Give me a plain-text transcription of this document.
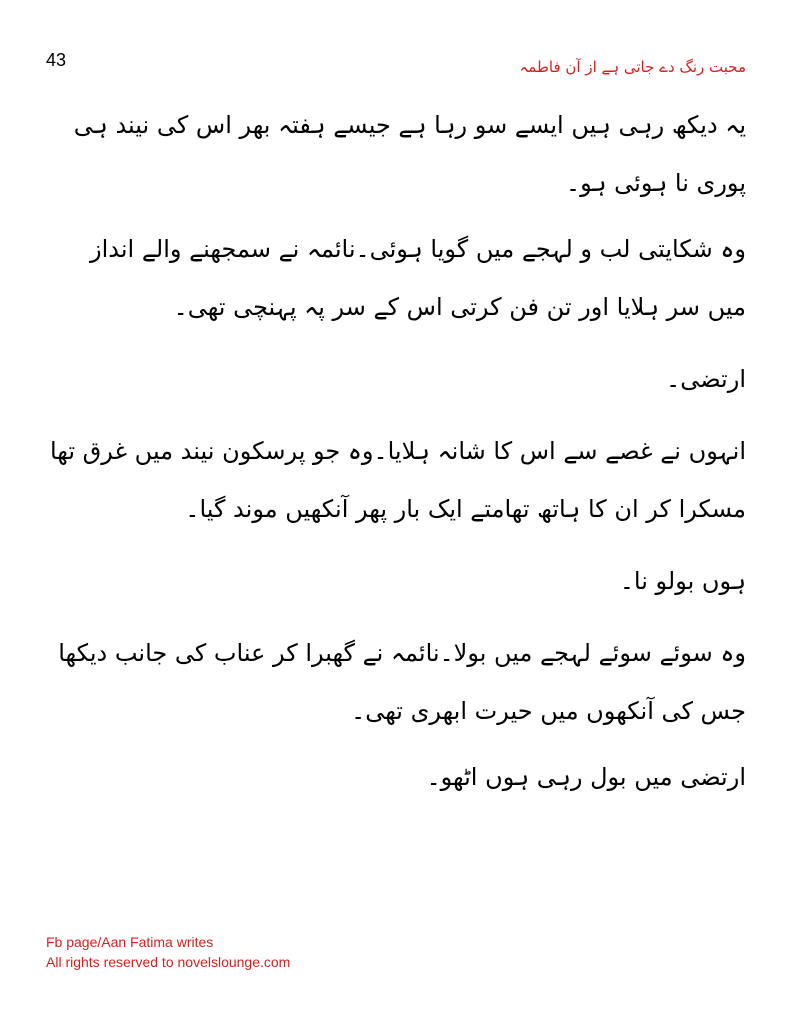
43	محبت رنگ دے جاتی ہے از آن فاطمہ

یہ دیکھ رہی ہیں ایسے سو رہا ہے جیسے ہفتہ بھر اس کی نیند ہی پوری نا ہوئی ہو۔

وہ شکایتی لب و لہجے میں گویا ہوئی۔نائمہ نے سمجھنے والے انداز میں سر ہلایا اور تن فن کرتی اس کے سر پہ پہنچی تھی۔

ارتضی۔

انہوں نے غصے سے اس کا شانہ ہلایا۔وہ جو پرسکون نیند میں غرق تھا مسکرا کر ان کا ہاتھ تھامتے ایک بار پھر آنکھیں موند گیا۔

ہوں بولو نا۔

وہ سوئے سوئے لہجے میں بولا۔نائمہ نے گھبرا کر عناب کی جانب دیکھا جس کی آنکھوں میں حیرت ابھری تھی۔

ارتضی میں بول رہی ہوں اٹھو۔

Fb page/Aan Fatima writes
All rights reserved to novelslounge.com
